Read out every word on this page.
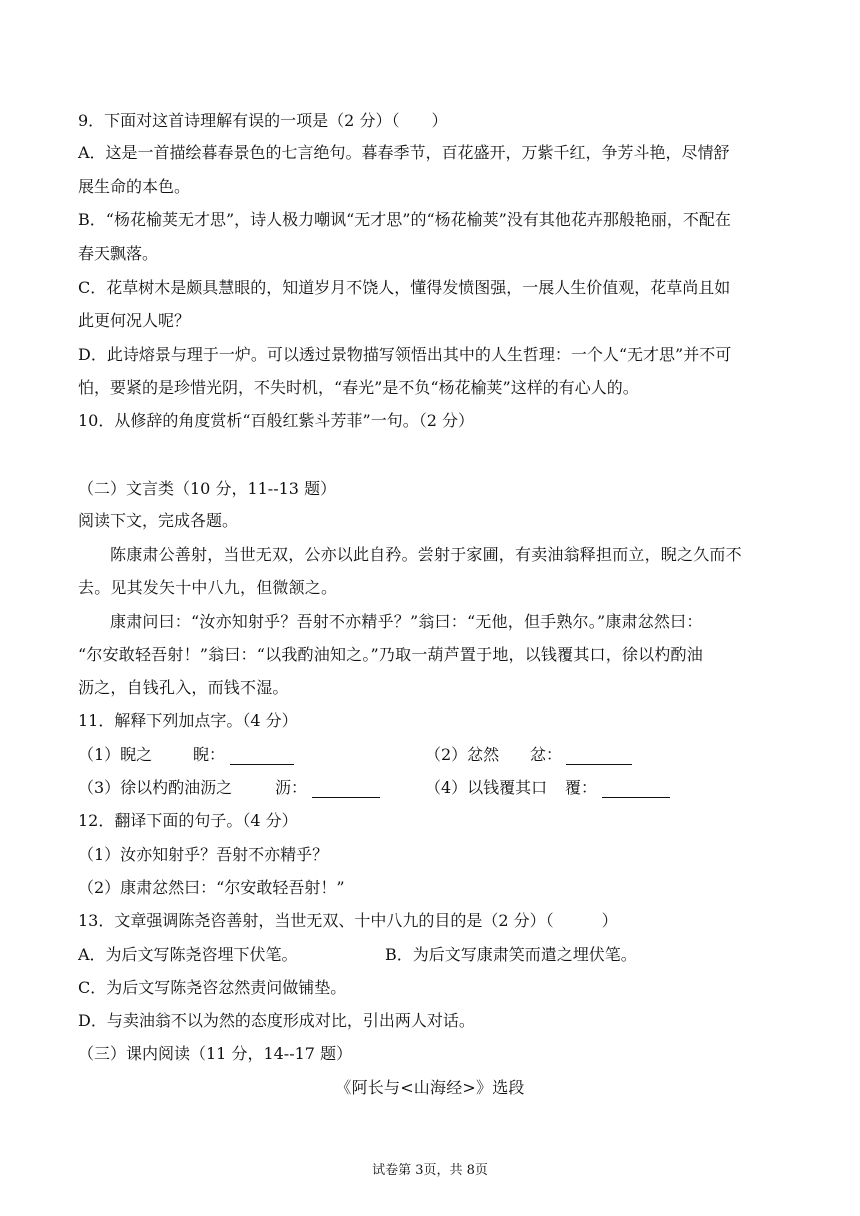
9．下面对这首诗理解有误的一项是（2 分）（　　）
A．这是一首描绘暮春景色的七言绝句。暮春季节，百花盛开，万紫千红，争芳斗艳，尽情舒
展生命的本色。
B．“杨花榆荚无才思”，诗人极力嘲讽“无才思”的“杨花榆荚”没有其他花卉那般艳丽，不配在
春天飘落。
C．花草树木是颇具慧眼的，知道岁月不饶人，懂得发愤图强，一展人生价值观，花草尚且如
此更何况人呢？
D．此诗熔景与理于一炉。可以透过景物描写领悟出其中的人生哲理：一个人“无才思”并不可
怕，要紧的是珍惜光阴，不失时机，“春光”是不负“杨花榆荚”这样的有心人的。
10．从修辞的角度赏析“百般红紫斗芳菲”一句。（2 分）
（二）文言类（10 分，11--13 题）
阅读下文，完成各题。
陈康肃公善射，当世无双，公亦以此自矜。尝射于家圃，有卖油翁释担而立，睨之久而不
去。见其发矢十中八九，但微颔之。
康肃问曰：“汝亦知射乎？吾射不亦精乎？”翁曰：“无他，但手熟尔。”康肃忿然曰：
“尔安敢轻吾射！”翁曰：“以我酌油知之。”乃取一葫芦置于地，以钱覆其口，徐以杓酌油
沥之，自钱孔入，而钱不湿。
11．解释下列加点字。（4 分）
（1）睨之	睨：	（2）忿然 忿：
（3）徐以杓酌油沥之	沥：	（4）以钱覆其口 覆：
12．翻译下面的句子。（4 分）
（1）汝亦知射乎？吾射不亦精乎？
（2）康肃忿然曰：“尔安敢轻吾射！”
13．文章强调陈尧咨善射，当世无双、十中八九的目的是（2 分）（　　　）
A．为后文写陈尧咨埋下伏笔。	B．为后文写康肃笑而遣之埋伏笔。
C．为后文写陈尧咨忿然责问做铺垫。
D．与卖油翁不以为然的态度形成对比，引出两人对话。
（三）课内阅读（11 分，14--17 题）
《阿长与<山海经>》选段
试卷第 3页，共 8页
